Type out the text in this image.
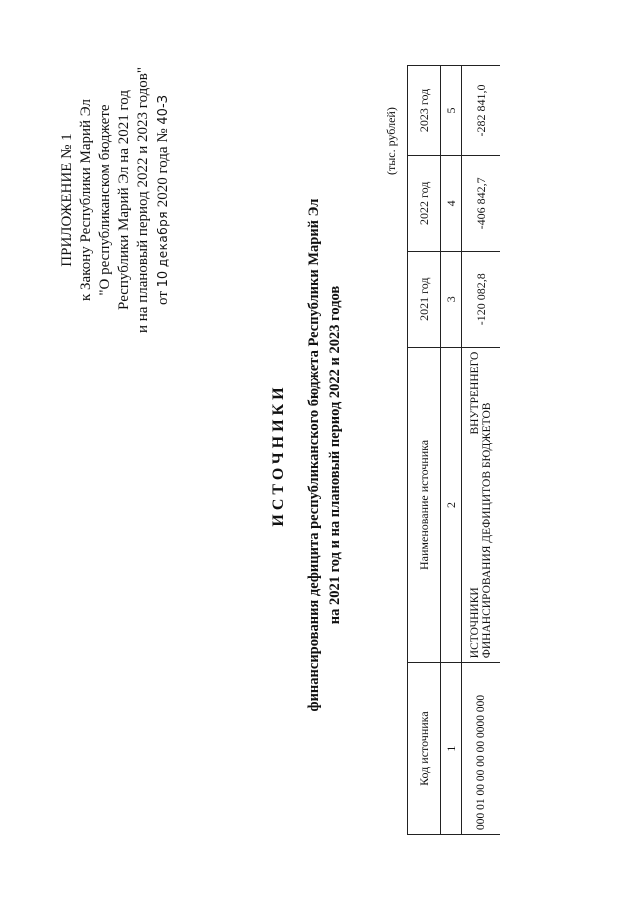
ПРИЛОЖЕНИЕ № 1 к Закону Республики Марий Эл "О республиканском бюджете Республики Марий Эл на 2021 год и на плановый период 2022 и 2023 годов" от 10 декабря 2020 года № 40-З
ИСТОЧНИКИ финансирования дефицита республиканского бюджета Республики Марий Эл на 2021 год и на плановый период 2022 и 2023 годов
(тыс. рублей)
Код источника	Наименование источника	2021 год	2022 год	2023 год
1	2	3	4	5
000 01 00 00 00 00 0000 000	ИСТОЧНИКИ
ВНУТРЕННЕГО
ФИНАНСИРОВАНИЯ ДЕФИЦИТОВ БЮДЖЕТОВ	-120 082,8	-406 842,7	-282 841,0
